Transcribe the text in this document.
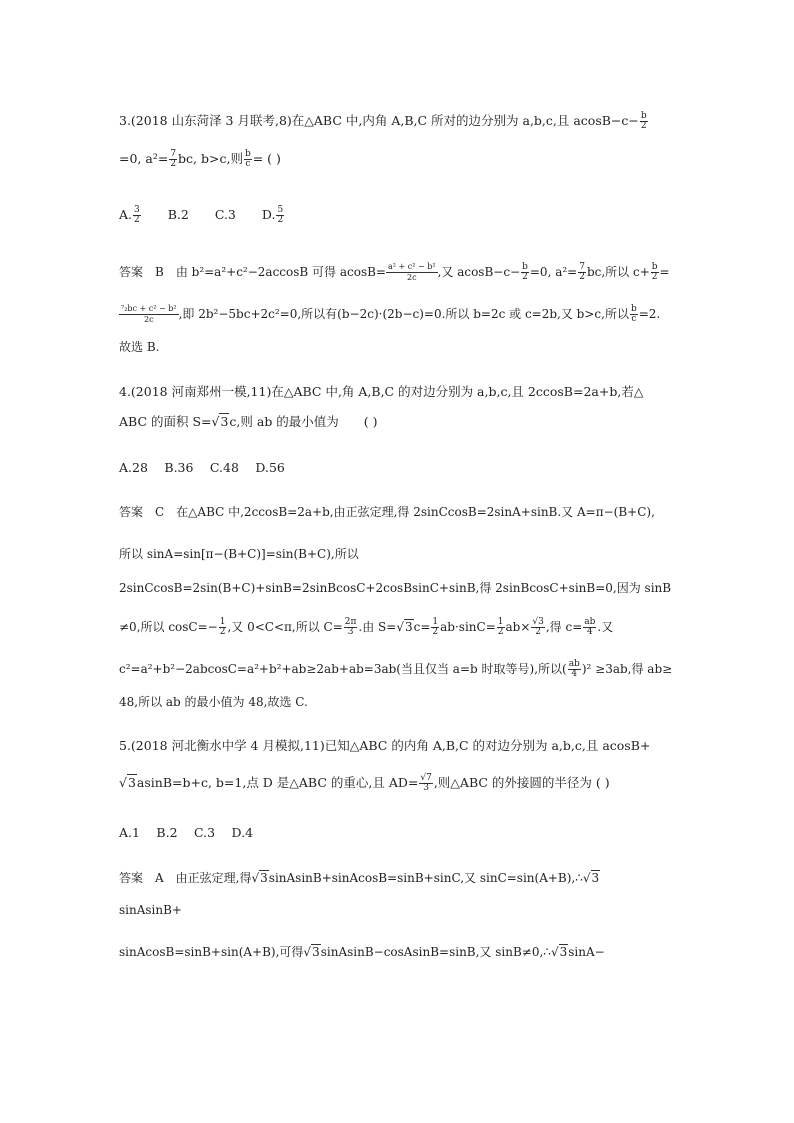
3.(2018 山东菏泽 3 月联考,8)在△ABC 中,内角 A,B,C 所对的边分别为 a,b,c,且 $acosB-c- \frac{b}{2}$
=0, $a^2= \frac{7}{2}$ bc, b>c,则 $\frac{b}{c}$ = ( )
A. $\frac{3}{2} B.2$ C.3 D. $\frac{5}{2}$
答案　B　由 b²=a²+c²−2accosB 可得 $acosB= \frac{\text{a² + c² − b²}}{2c}$ ,又 $acosB-c- \frac{b}{2} =0$, $a^2= \frac{7}{2}$ bc,所以 $c+ \frac{b}{2}$ =
$\frac{\text{⁷₂bc + c² − b²}}{2c}$ ,即 2b²−5bc+2c²=0,所以有(b−2c)·(2b−c)=0.所以 b=2c 或 c=2b,又 b>c,所以 $\frac{b}{c} =2$.
故选 B.
4.(2018 河南郑州一模,11)在△ABC 中,角 A,B,C 的对边分别为 a,b,c,且 2ccosB=2a+b,若△
ABC 的面积 S=√3c,则 ab 的最小值为　　( )
A.28　 B.36　 C.48　 D.56
答案　C　在△ABC 中,2ccosB=2a+b,由正弦定理,得 2sinCcosB=2sinA+sinB.又 A=π−(B+C),
所以 sinA=sin[π−(B+C)]=sin(B+C),所以
2sinCcosB=2sin(B+C)+sinB=2sinBcosC+2cosBsinC+sinB,得 2sinBcosC+sinB=0,因为 sinB
≠0,所以 $\cos C=- \frac{1}{2}$ ,又 0<C<π,所以 $C= \frac{2\pi}{3}$ .由 $S=√3c= \frac{1}{2} ab\cdot\sin C= \frac{1}{2} ab\times \frac{√3}{2}$ ,得 $c= \frac{ab}{4}$ .又
c²=a²+b²−2abcosC=a²+b²+ab≥2ab+ab=3ab(当且仅当 a=b 时取等号),所以( $\frac{ab}{4} )^2 \ge 3ab$,得 ab≥
48,所以 ab 的最小值为 48,故选 C.
5.(2018 河北衡水中学 4 月模拟,11)已知△ABC 的内角 A,B,C 的对边分别为 a,b,c,且 acosB+
√3asinB=b+c, b=1,点 D 是△ABC 的重心,且 $AD= \frac{√7}{3}$ ,则△ABC 的外接圆的半径为 ( )
A.1　 B.2　 C.3　 D.4
答案　A　由正弦定理,得√3sinAsinB+sinAcosB=sinB+sinC,又 sinC=sin(A+B),∴√3
sinAsinB+
sinAcosB=sinB+sin(A+B),可得√3sinAsinB−cosAsinB=sinB,又 sinB≠0,∴√3sinA−
